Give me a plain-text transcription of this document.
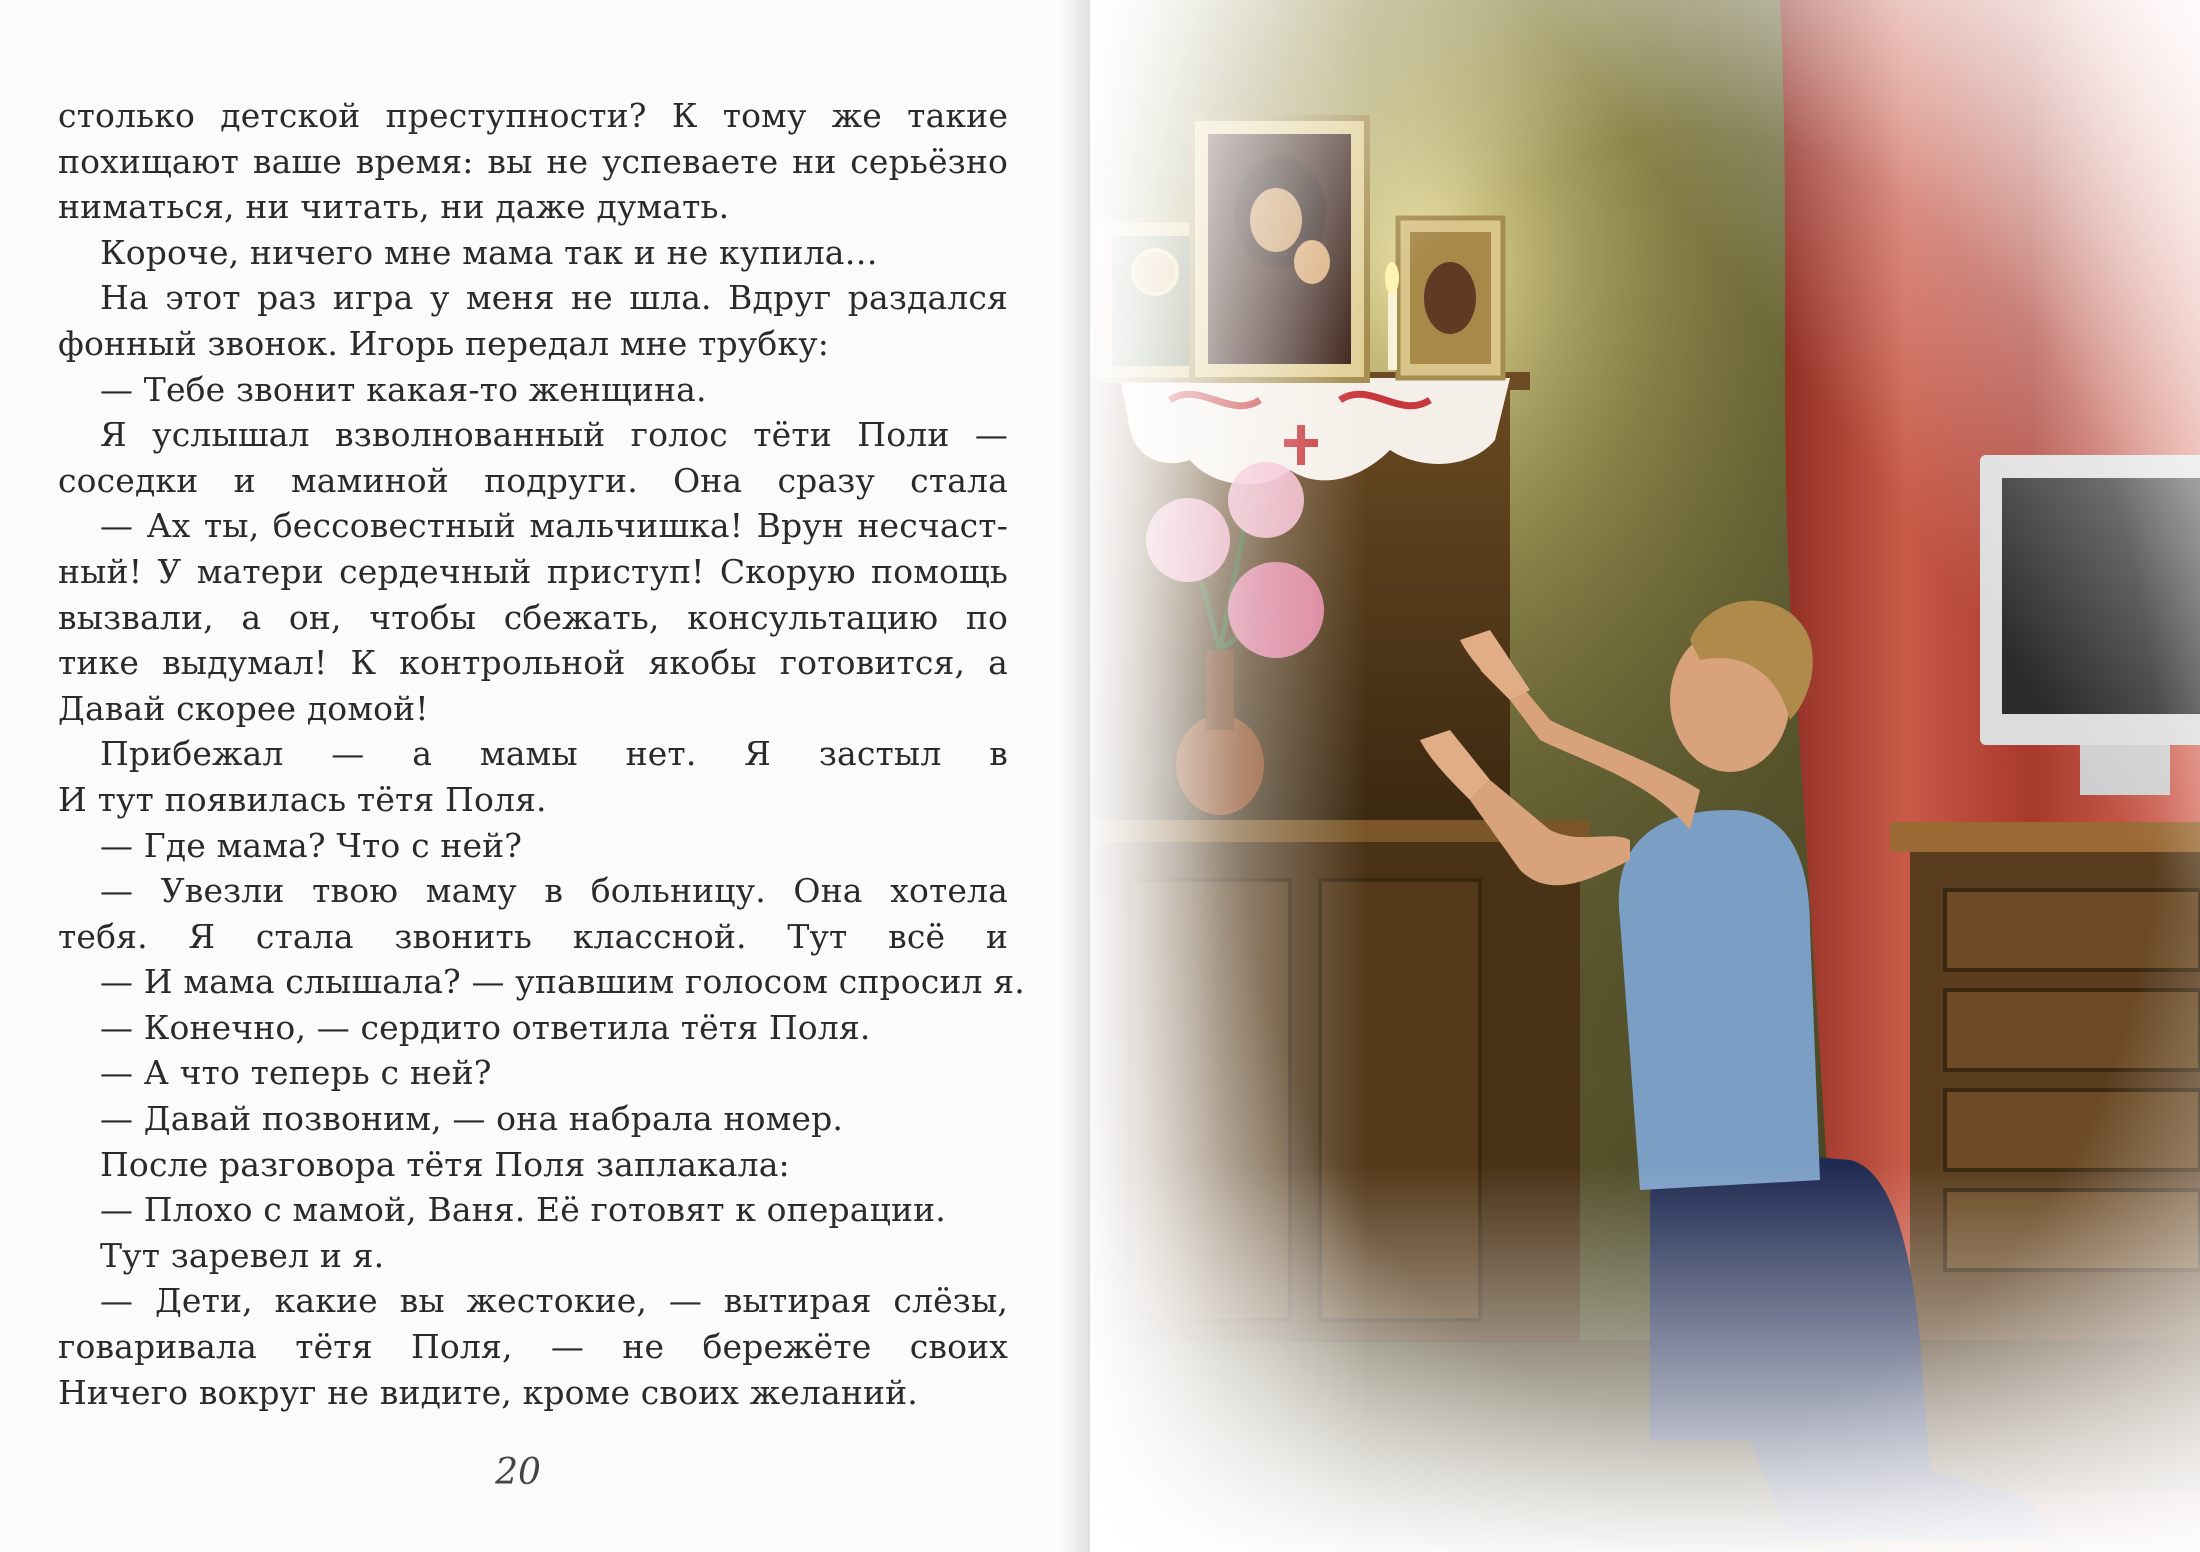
столько детской преступности? К тому же такие
похищают ваше время: вы не успеваете ни серьёзно
ниматься, ни читать, ни даже думать.
Короче, ничего мне мама так и не купила…
На этот раз игра у меня не шла. Вдруг раздался
фонный звонок. Игорь передал мне трубку:
— Тебе звонит какая-то женщина.
Я услышал взволнованный голос тёти Поли —
соседки и маминой подруги. Она сразу стала
— Ах ты, бессовестный мальчишка! Врун несчаст-
ный! У матери сердечный приступ! Скорую помощь
вызвали, а он, чтобы сбежать, консультацию по
тике выдумал! К контрольной якобы готовится, а
Давай скорее домой!
Прибежал — а мамы нет. Я застыл в
И тут появилась тётя Поля.
— Где мама? Что с ней?
— Увезли твою маму в больницу. Она хотела
тебя. Я стала звонить классной. Тут всё и
— И мама слышала? — упавшим голосом спросил я.
— Конечно, — сердито ответила тётя Поля.
— А что теперь с ней?
— Давай позвоним, — она набрала номер.
После разговора тётя Поля заплакала:
— Плохо с мамой, Ваня. Её готовят к операции.
Тут заревел и я.
— Дети, какие вы жестокие, — вытирая слёзы,
говаривала тётя Поля, — не бережёте своих
Ничего вокруг не видите, кроме своих желаний.
20
